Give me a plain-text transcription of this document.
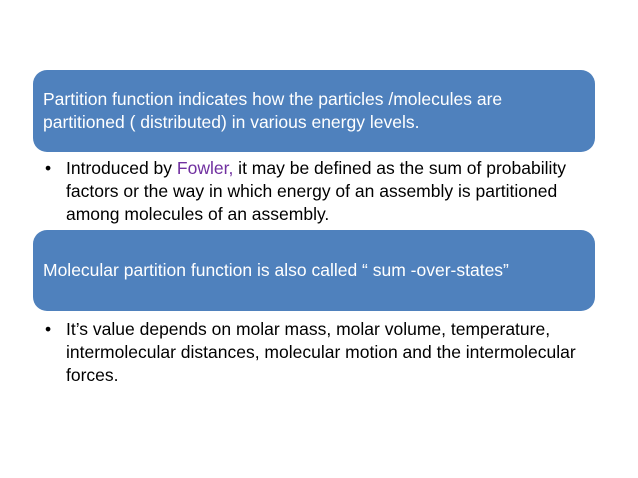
Partition function indicates how the particles /molecules are partitioned ( distributed) in various energy levels.
• Introduced by Fowler, it may be defined as the sum of probability factors or the way in which energy of an assembly is partitioned among molecules of an assembly.
Molecular partition function is also called “ sum -over-states”
• It’s value depends on molar mass, molar volume, temperature, intermolecular distances, molecular motion and the intermolecular forces.
